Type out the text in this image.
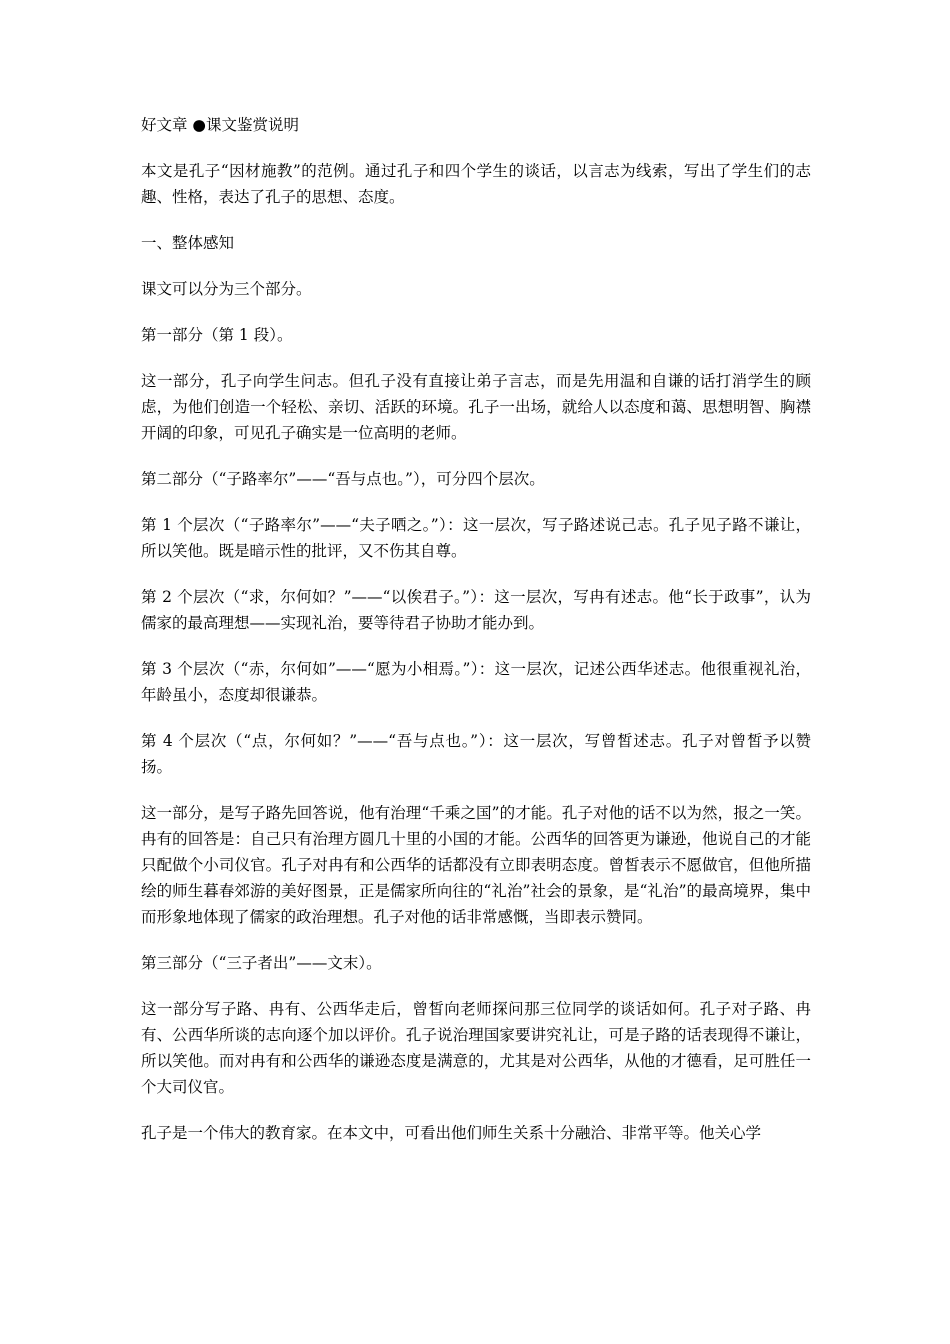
好文章 ●课文鉴赏说明

本文是孔子“因材施教”的范例。通过孔子和四个学生的谈话，以言志为线索，写出了学生们的志趣、性格，表达了孔子的思想、态度。

一、整体感知

课文可以分为三个部分。

第一部分（第 1 段）。

这一部分，孔子向学生问志。但孔子没有直接让弟子言志，而是先用温和自谦的话打消学生的顾虑，为他们创造一个轻松、亲切、活跃的环境。孔子一出场，就给人以态度和蔼、思想明智、胸襟开阔的印象，可见孔子确实是一位高明的老师。

第二部分（“子路率尔”——“吾与点也。”），可分四个层次。

第 1 个层次（“子路率尔”——“夫子哂之。”）：这一层次，写子路述说己志。孔子见子路不谦让，所以笑他。既是暗示性的批评，又不伤其自尊。

第 2 个层次（“求，尔何如？”——“以俟君子。”）：这一层次，写冉有述志。他“长于政事”，认为儒家的最高理想——实现礼治，要等待君子协助才能办到。

第 3 个层次（“赤，尔何如”——“愿为小相焉。”）：这一层次，记述公西华述志。他很重视礼治，年龄虽小，态度却很谦恭。

第 4 个层次（“点，尔何如？”——“吾与点也。”）：这一层次，写曾皙述志。孔子对曾皙予以赞扬。

这一部分，是写子路先回答说，他有治理“千乘之国”的才能。孔子对他的话不以为然，报之一笑。冉有的回答是：自己只有治理方圆几十里的小国的才能。公西华的回答更为谦逊，他说自己的才能只配做个小司仪官。孔子对冉有和公西华的话都没有立即表明态度。曾皙表示不愿做官，但他所描绘的师生暮春郊游的美好图景，正是儒家所向往的“礼治”社会的景象，是“礼治”的最高境界，集中而形象地体现了儒家的政治理想。孔子对他的话非常感慨，当即表示赞同。

第三部分（“三子者出”——文末）。

这一部分写子路、冉有、公西华走后，曾皙向老师探问那三位同学的谈话如何。孔子对子路、冉有、公西华所谈的志向逐个加以评价。孔子说治理国家要讲究礼让，可是子路的话表现得不谦让，所以笑他。而对冉有和公西华的谦逊态度是满意的，尤其是对公西华，从他的才德看，足可胜任一个大司仪官。

孔子是一个伟大的教育家。在本文中，可看出他们师生关系十分融洽、非常平等。他关心学
